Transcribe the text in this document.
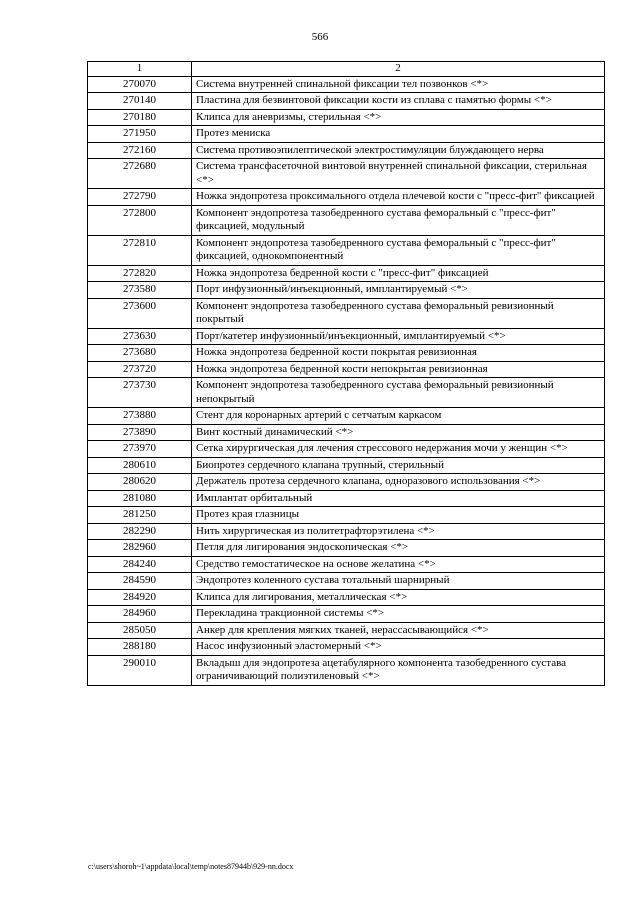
566
1	2
270070	Система внутренней спинальной фиксации тел позвонков <*>
270140	Пластина для безвинтовой фиксации кости из сплава с памятью формы <*>
270180	Клипса для аневризмы, стерильная <*>
271950	Протез мениска
272160	Система противоэпилептической электростимуляции блуждающего нерва
272680	Система трансфасеточной винтовой внутренней спинальной фиксации, стерильная <*>
272790	Ножка эндопротеза проксимального отдела плечевой кости с "пресс-фит" фиксацией
272800	Компонент эндопротеза тазобедренного сустава феморальный с "пресс-фит" фиксацией, модульный
272810	Компонент эндопротеза тазобедренного сустава феморальный с "пресс-фит" фиксацией, однокомпонентный
272820	Ножка эндопротеза бедренной кости с "пресс-фит" фиксацией
273580	Порт инфузионный/инъекционный, имплантируемый <*>
273600	Компонент эндопротеза тазобедренного сустава феморальный ревизионный покрытый
273630	Порт/катетер инфузионный/инъекционный, имплантируемый <*>
273680	Ножка эндопротеза бедренной кости покрытая ревизионная
273720	Ножка эндопротеза бедренной кости непокрытая ревизионная
273730	Компонент эндопротеза тазобедренного сустава феморальный ревизионный непокрытый
273880	Стент для коронарных артерий с сетчатым каркасом
273890	Винт костный динамический <*>
273970	Сетка хирургическая для лечения стрессового недержания мочи у женщин <*>
280610	Биопротез сердечного клапана трупный, стерильный
280620	Держатель протеза сердечного клапана, одноразового использования <*>
281080	Имплантат орбитальный
281250	Протез края глазницы
282290	Нить хирургическая из политетрафторэтилена <*>
282960	Петля для лигирования эндоскопическая <*>
284240	Средство гемостатическое на основе желатина <*>
284590	Эндопротез коленного сустава тотальный шарнирный
284920	Клипса для лигирования, металлическая <*>
284960	Перекладина тракционной системы <*>
285050	Анкер для крепления мягких тканей, нерассасывающийся <*>
288180	Насос инфузионный эластомерный <*>
290010	Вкладыш для эндопротеза ацетабулярного компонента тазобедренного сустава ограничивающий полиэтиленовый <*>
c:\users\shoroh~1\appdata\local\temp\notes87944b\929-nn.docx
